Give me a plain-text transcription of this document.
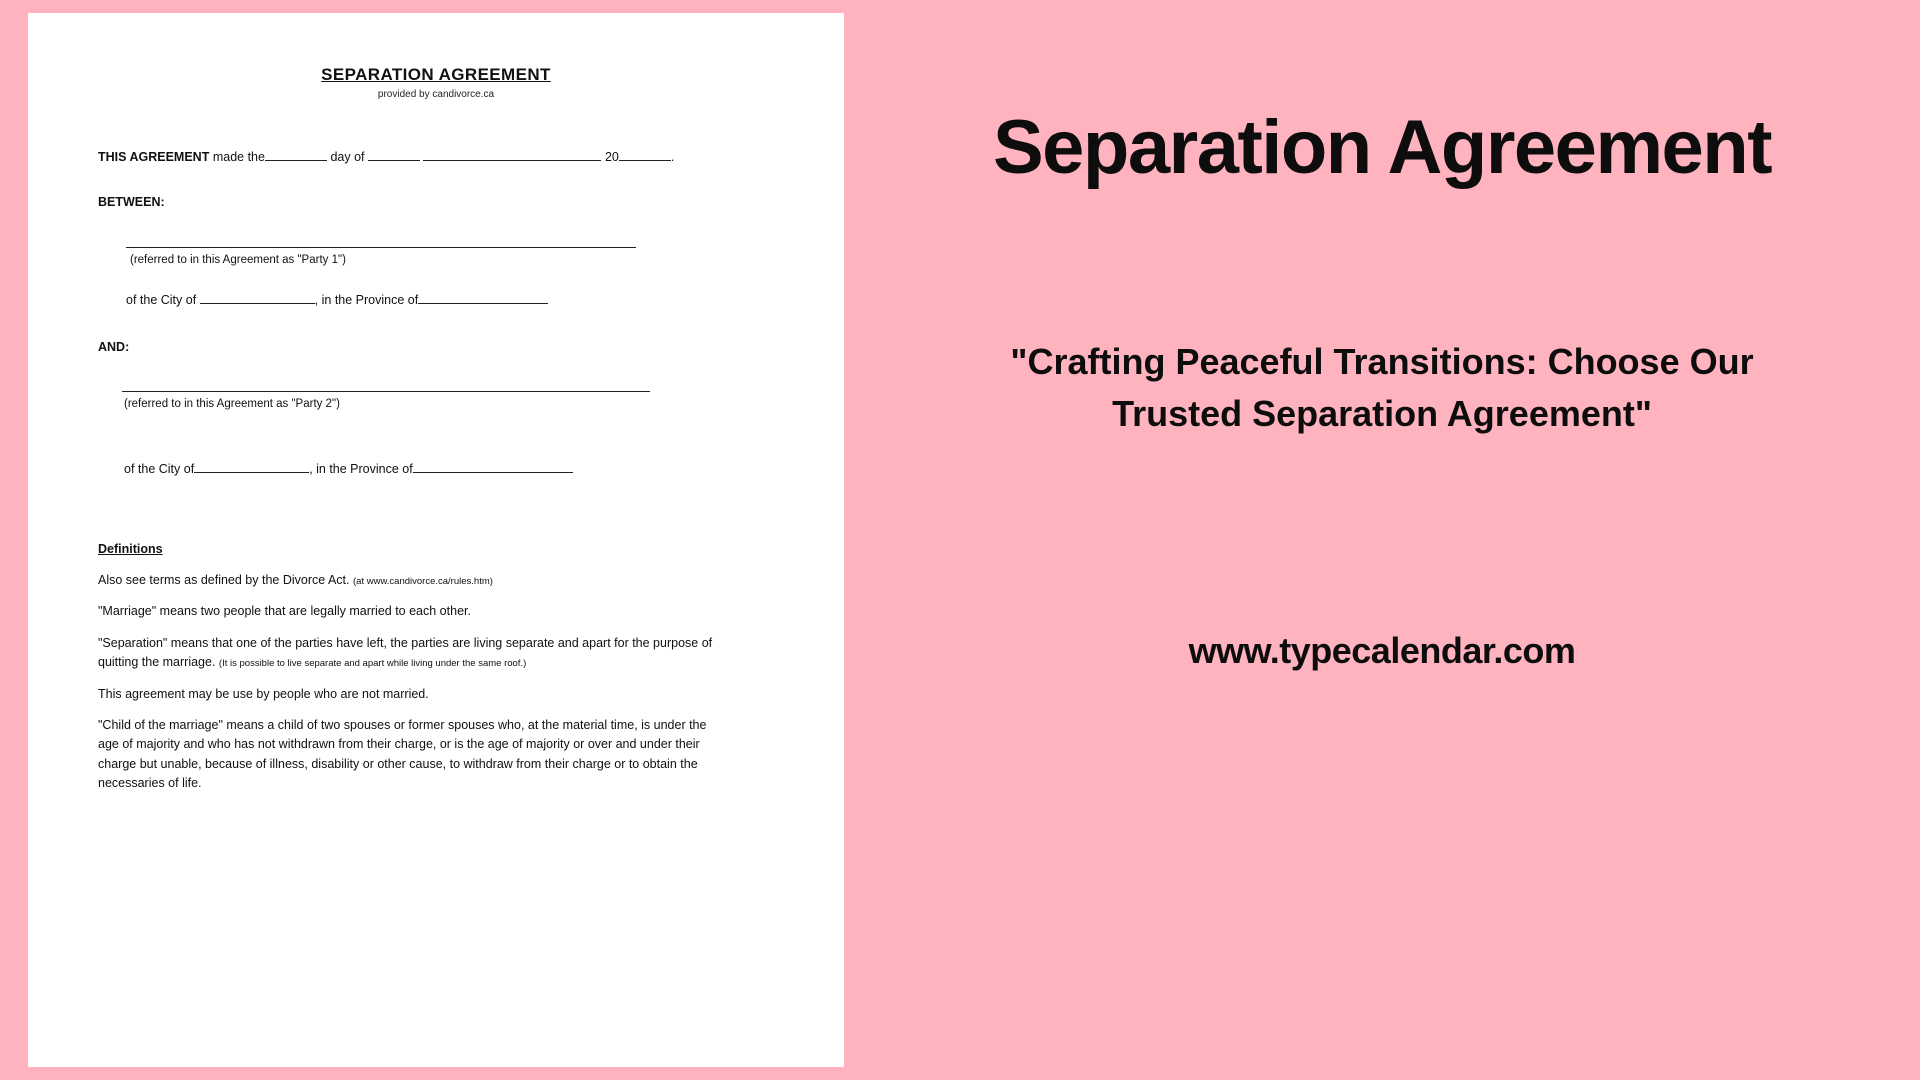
SEPARATION AGREEMENT
provided by candivorce.ca
THIS AGREEMENT made the	day of	20	.
BETWEEN:
(referred to in this Agreement as "Party 1")
of the City of	, in the Province of
AND:
(referred to in this Agreement as "Party 2")
of the City of	, in the Province of
Definitions
Also see terms as defined by the Divorce Act. (at www.candivorce.ca/rules.htm)
"Marriage" means two people that are legally married to each other.
"Separation" means that one of the parties have left, the parties are living separate and apart for the purpose of quitting the marriage. (It is possible to live separate and apart while living under the same roof.)
This agreement may be use by people who are not married.
"Child of the marriage" means a child of two spouses or former spouses who, at the material time, is under the age of majority and who has not withdrawn from their charge, or is the age of majority or over and under their charge but unable, because of illness, disability or other cause, to withdraw from their charge or to obtain the necessaries of life.
Separation Agreement
"Crafting Peaceful Transitions: Choose Our Trusted Separation Agreement"
www.typecalendar.com
